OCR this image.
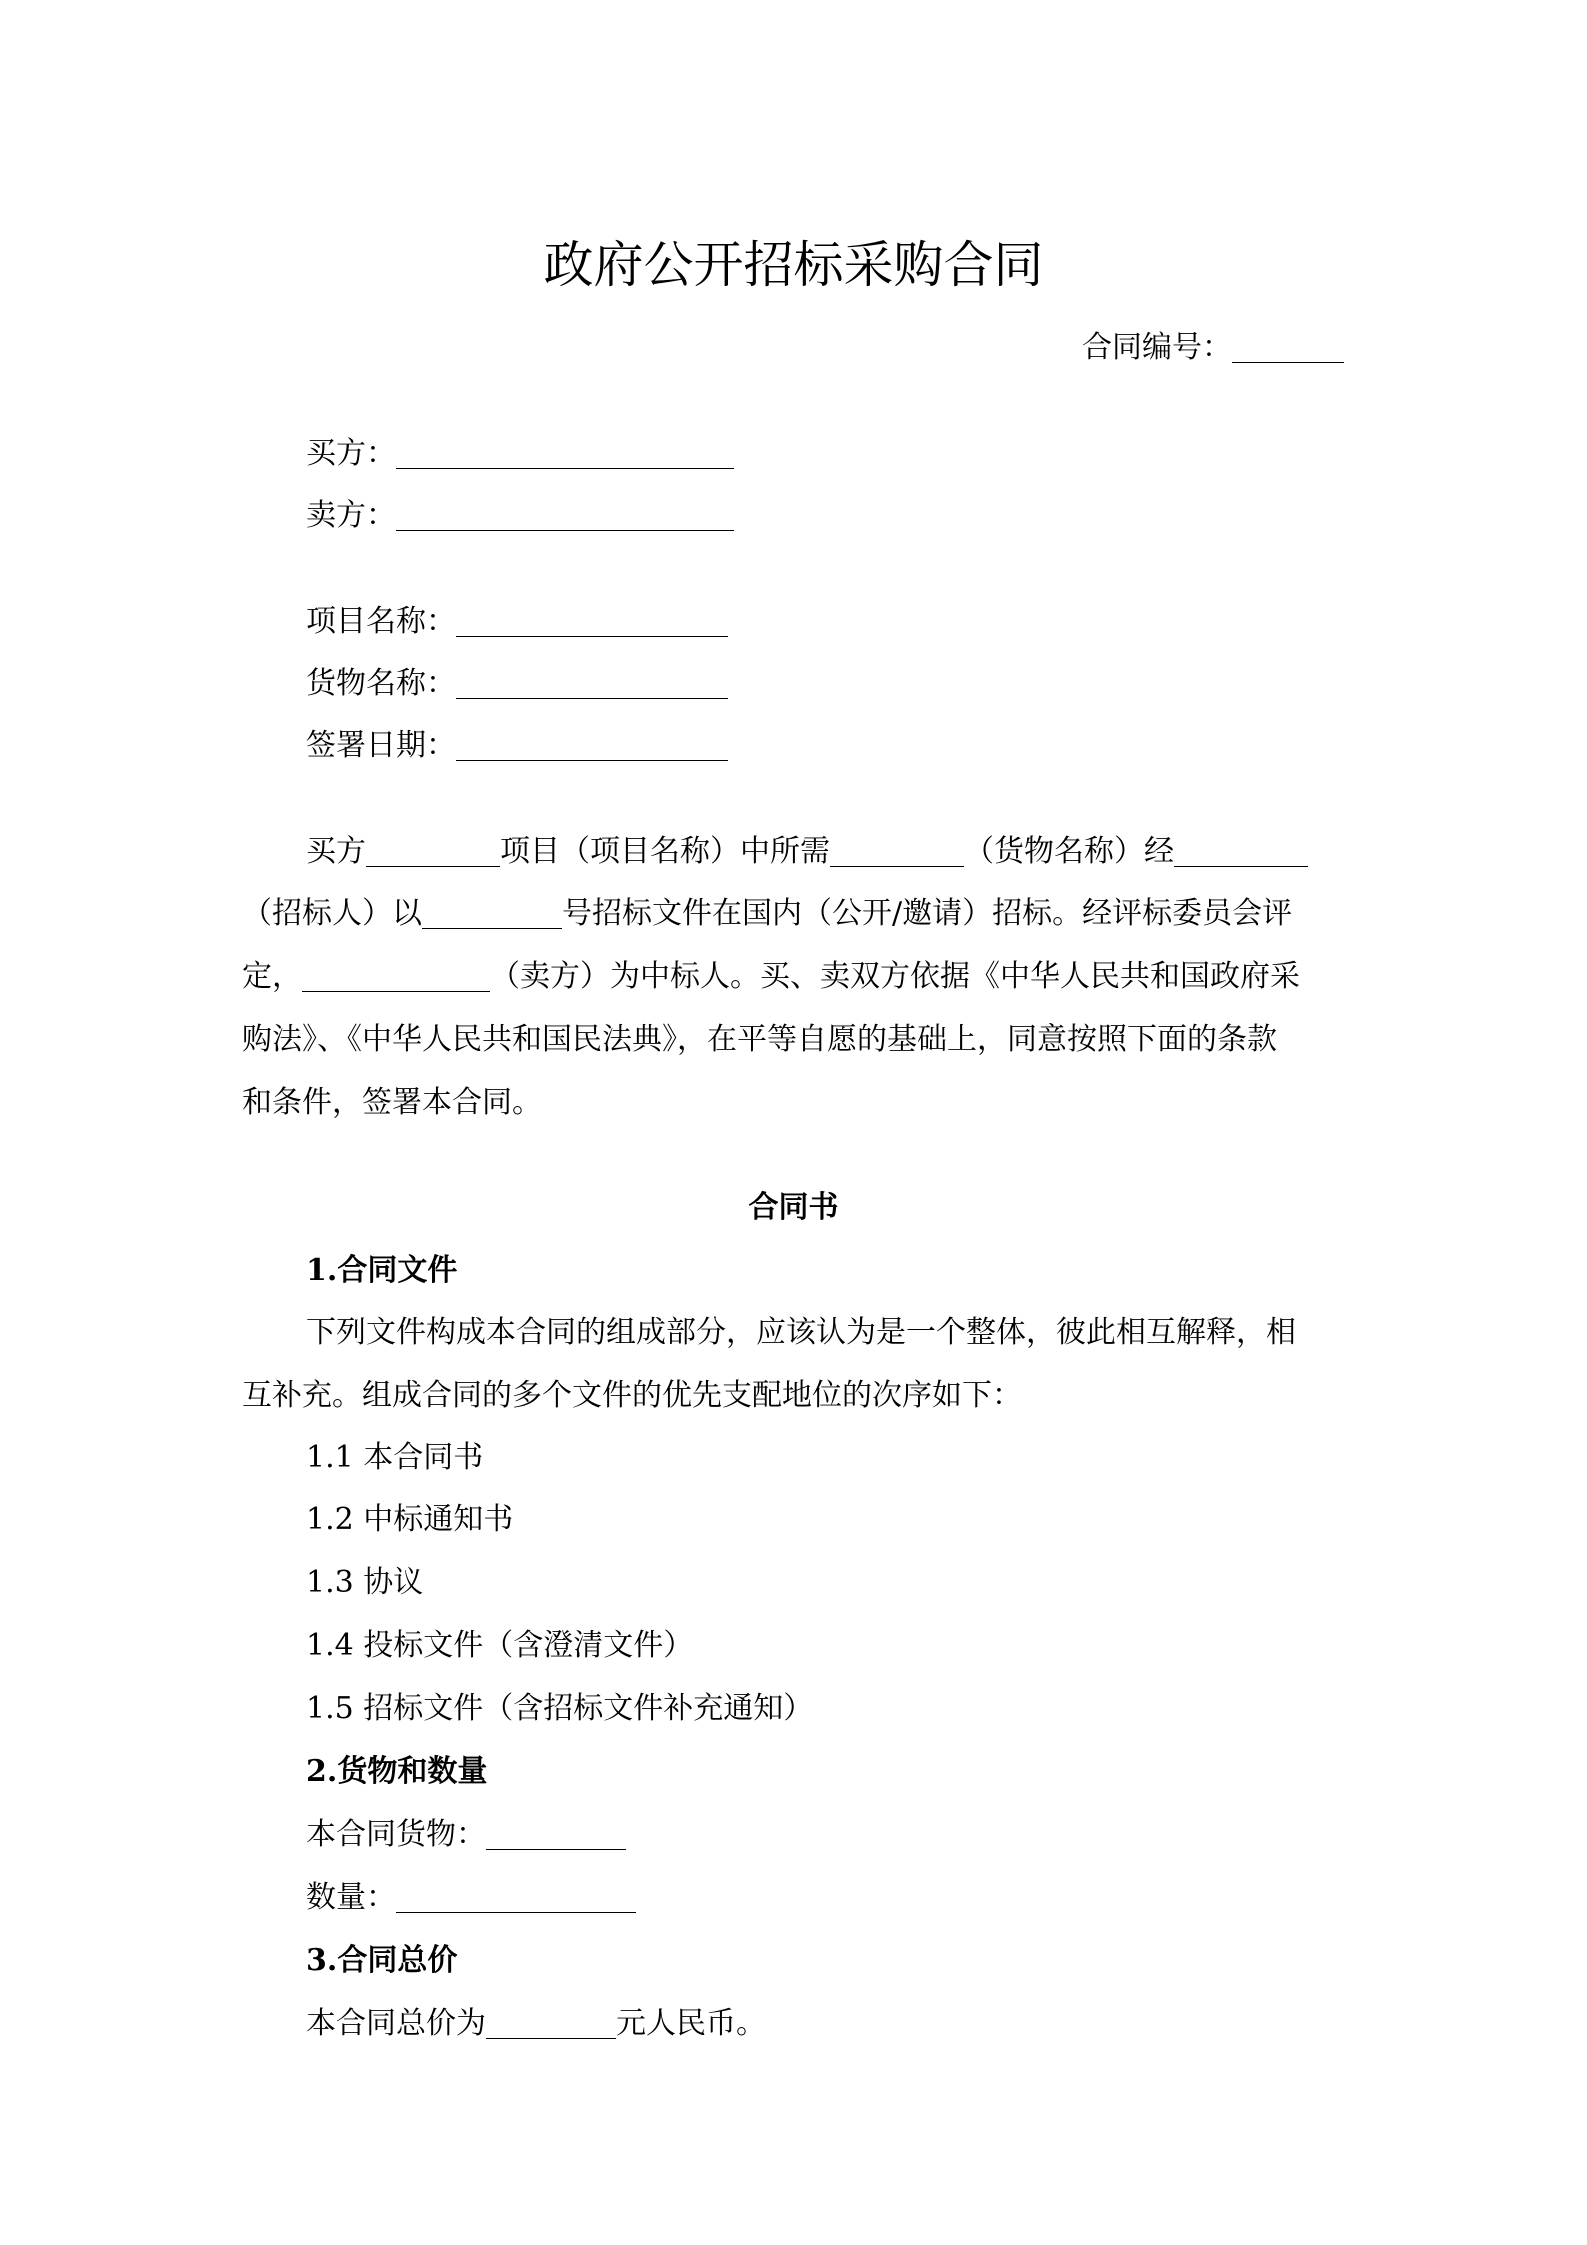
政府公开招标采购合同
合同编号：
买方：
卖方：
项目名称：
货物名称：
签署日期：
买方	项目（项目名称）中所需	（货物名称）经
（招标人）以	号招标文件在国内（公开/邀请）招标。经评标委员会评
定，	（卖方）为中标人。买、卖双方依据《中华人民共和国政府采
购法》、《中华人民共和国民法典》，在平等自愿的基础上，同意按照下面的条款
和条件，签署本合同。
合同书
1.合同文件
下列文件构成本合同的组成部分，应该认为是一个整体，彼此相互解释，相
互补充。组成合同的多个文件的优先支配地位的次序如下：
1.1 本合同书
1.2 中标通知书
1.3 协议
1.4 投标文件（含澄清文件）
1.5 招标文件（含招标文件补充通知）
2.货物和数量
本合同货物：
数量：
3.合同总价
本合同总价为	元人民币。
